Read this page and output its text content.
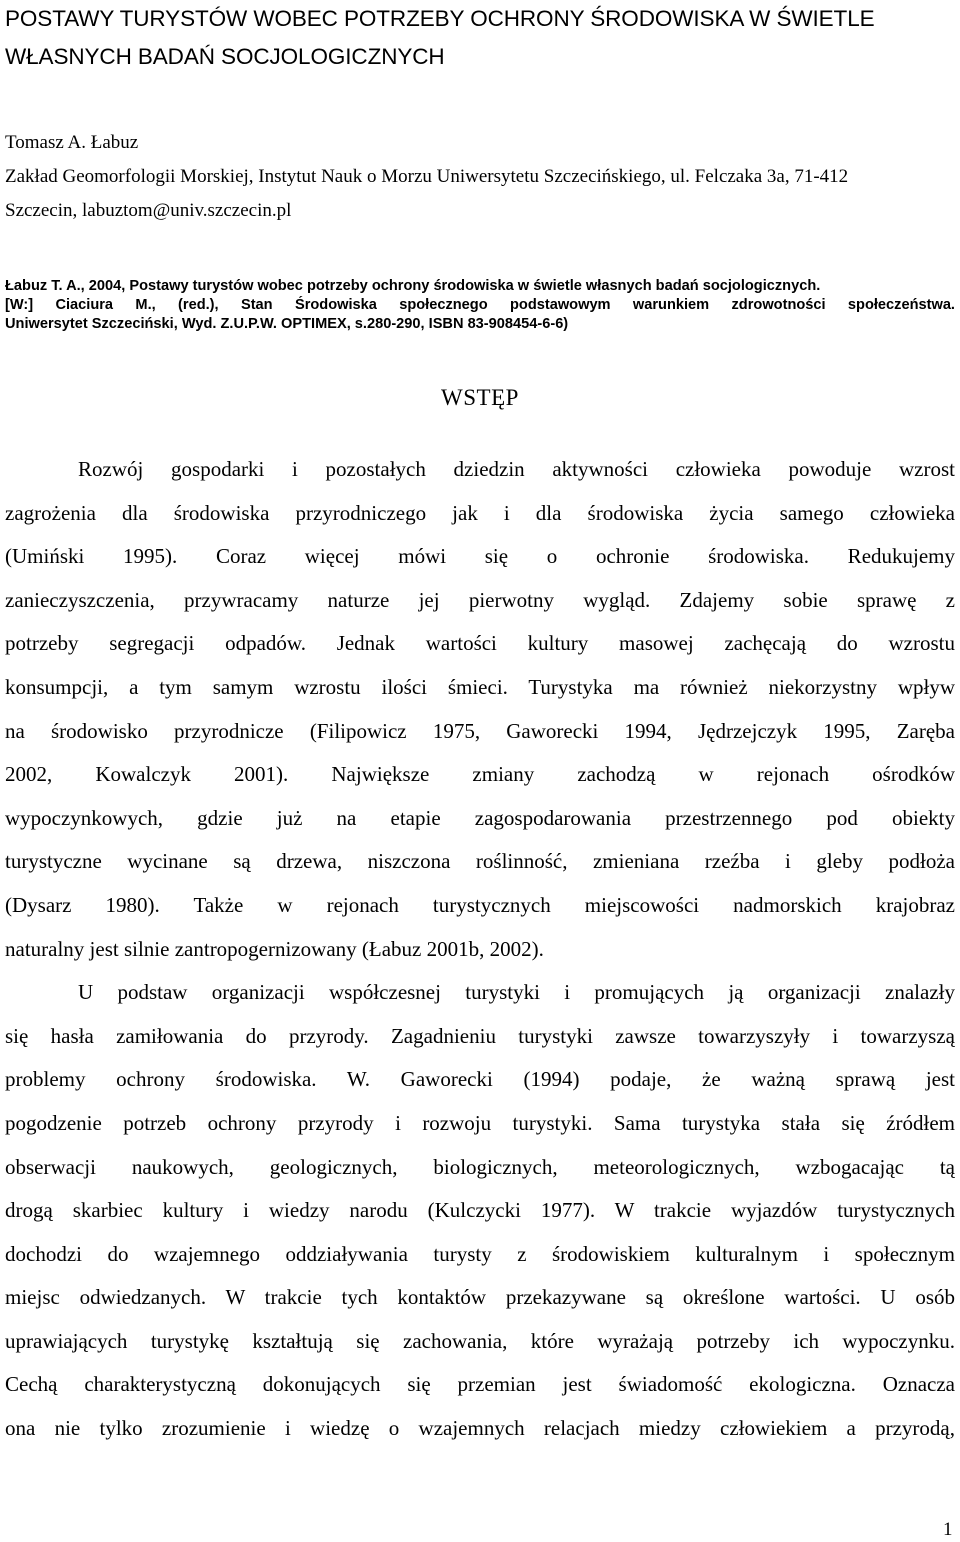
POSTAWY TURYSTÓW WOBEC POTRZEBY OCHRONY ŚRODOWISKA W ŚWIETLE
WŁASNYCH BADAŃ SOCJOLOGICZNYCH
Tomasz A. Łabuz
Zakład Geomorfologii Morskiej, Instytut Nauk o Morzu Uniwersytetu Szczecińskiego, ul. Felczaka 3a, 71-412
Szczecin, labuztom@univ.szczecin.pl
Łabuz T. A., 2004, Postawy turystów wobec potrzeby ochrony środowiska w świetle własnych badań socjologicznych.
[W:] Ciaciura M., (red.), Stan Środowiska społecznego podstawowym warunkiem zdrowotności społeczeństwa.
Uniwersytet Szczeciński, Wyd. Z.U.P.W. OPTIMEX, s.280-290, ISBN 83-908454-6-6)
WSTĘP
Rozwój gospodarki i pozostałych dziedzin aktywności człowieka powoduje wzrost
zagrożenia dla środowiska przyrodniczego jak i dla środowiska życia samego człowieka
(Umiński 1995). Coraz więcej mówi się o ochronie środowiska. Redukujemy
zanieczyszczenia, przywracamy naturze jej pierwotny wygląd. Zdajemy sobie sprawę z
potrzeby segregacji odpadów. Jednak wartości kultury masowej zachęcają do wzrostu
konsumpcji, a tym samym wzrostu ilości śmieci. Turystyka ma również niekorzystny wpływ
na środowisko przyrodnicze (Filipowicz 1975, Gaworecki 1994, Jędrzejczyk 1995, Zaręba
2002, Kowalczyk 2001). Największe zmiany zachodzą w rejonach ośrodków
wypoczynkowych, gdzie już na etapie zagospodarowania przestrzennego pod obiekty
turystyczne wycinane są drzewa, niszczona roślinność, zmieniana rzeźba i gleby podłoża
(Dysarz 1980). Także w rejonach turystycznych miejscowości nadmorskich krajobraz
naturalny jest silnie zantropogernizowany (Łabuz 2001b, 2002).
U podstaw organizacji współczesnej turystyki i promujących ją organizacji znalazły
się hasła zamiłowania do przyrody. Zagadnieniu turystyki zawsze towarzyszyły i towarzyszą
problemy ochrony środowiska. W. Gaworecki (1994) podaje, że ważną sprawą jest
pogodzenie potrzeb ochrony przyrody i rozwoju turystyki. Sama turystyka stała się źródłem
obserwacji naukowych, geologicznych, biologicznych, meteorologicznych, wzbogacając tą
drogą skarbiec kultury i wiedzy narodu (Kulczycki 1977). W trakcie wyjazdów turystycznych
dochodzi do wzajemnego oddziaływania turysty z środowiskiem kulturalnym i społecznym
miejsc odwiedzanych. W trakcie tych kontaktów przekazywane są określone wartości. U osób
uprawiających turystykę kształtują się zachowania, które wyrażają potrzeby ich wypoczynku.
Cechą charakterystyczną dokonujących się przemian jest świadomość ekologiczna. Oznacza
ona nie tylko zrozumienie i wiedzę o wzajemnych relacjach miedzy człowiekiem a przyrodą,
1
